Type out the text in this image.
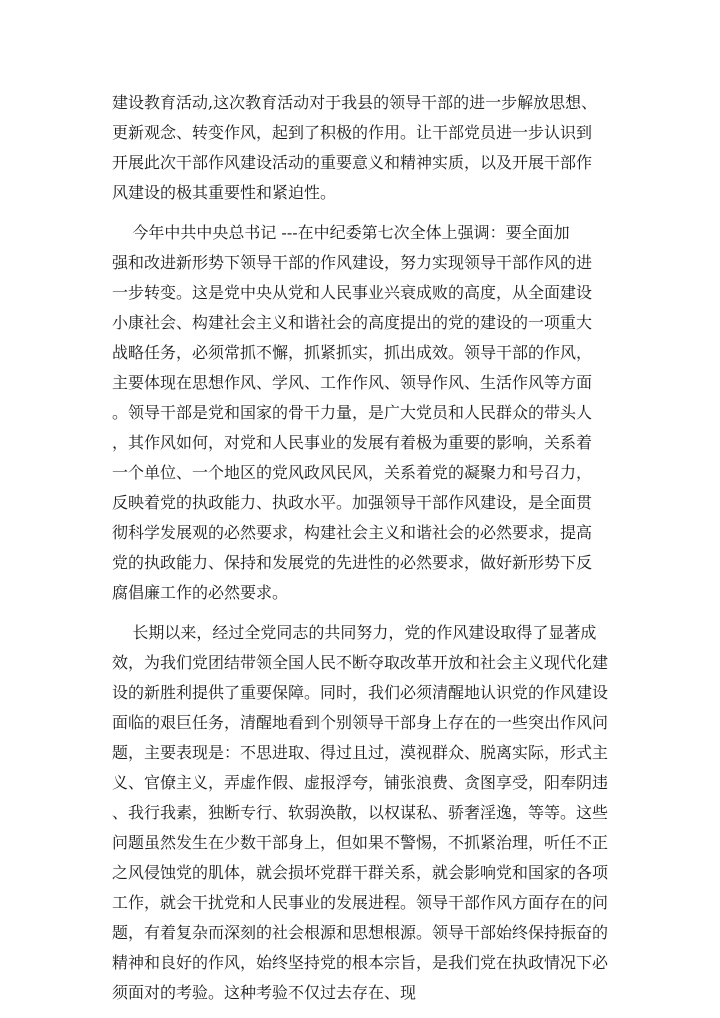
建设教育活动,这次教育活动对于我县的领导干部的进一步解放思想、
更新观念、转变作风，起到了积极的作用。让干部党员进一步认识到
开展此次干部作风建设活动的重要意义和精神实质，以及开展干部作
风建设的极其重要性和紧迫性。
今年中共中央总书记 ---在中纪委第七次全体上强调：要全面加
强和改进新形势下领导干部的作风建设，努力实现领导干部作风的进
一步转变。这是党中央从党和人民事业兴衰成败的高度，从全面建设
小康社会、构建社会主义和谐社会的高度提出的党的建设的一项重大
战略任务，必须常抓不懈，抓紧抓实，抓出成效。领导干部的作风，
主要体现在思想作风、学风、工作作风、领导作风、生活作风等方面
。领导干部是党和国家的骨干力量，是广大党员和人民群众的带头人
，其作风如何，对党和人民事业的发展有着极为重要的影响，关系着
一个单位、一个地区的党风政风民风，关系着党的凝聚力和号召力，
反映着党的执政能力、执政水平。加强领导干部作风建设，是全面贯
彻科学发展观的必然要求，构建社会主义和谐社会的必然要求，提高
党的执政能力、保持和发展党的先进性的必然要求，做好新形势下反
腐倡廉工作的必然要求。
长期以来，经过全党同志的共同努力，党的作风建设取得了显著成
效，为我们党团结带领全国人民不断夺取改革开放和社会主义现代化建
设的新胜利提供了重要保障。同时，我们必须清醒地认识党的作风建设
面临的艰巨任务，清醒地看到个别领导干部身上存在的一些突出作风问
题，主要表现是：不思进取、得过且过，漠视群众、脱离实际，形式主
义、官僚主义，弄虚作假、虚报浮夸，铺张浪费、贪图享受，阳奉阴违
、我行我素，独断专行、软弱涣散，以权谋私、骄奢淫逸，等等。这些
问题虽然发生在少数干部身上，但如果不警惕，不抓紧治理，听任不正
之风侵蚀党的肌体，就会损坏党群干群关系，就会影响党和国家的各项
工作，就会干扰党和人民事业的发展进程。领导干部作风方面存在的问
题，有着复杂而深刻的社会根源和思想根源。领导干部始终保持振奋的
精神和良好的作风，始终坚持党的根本宗旨，是我们党在执政情况下必
须面对的考验。这种考验不仅过去存在、现
